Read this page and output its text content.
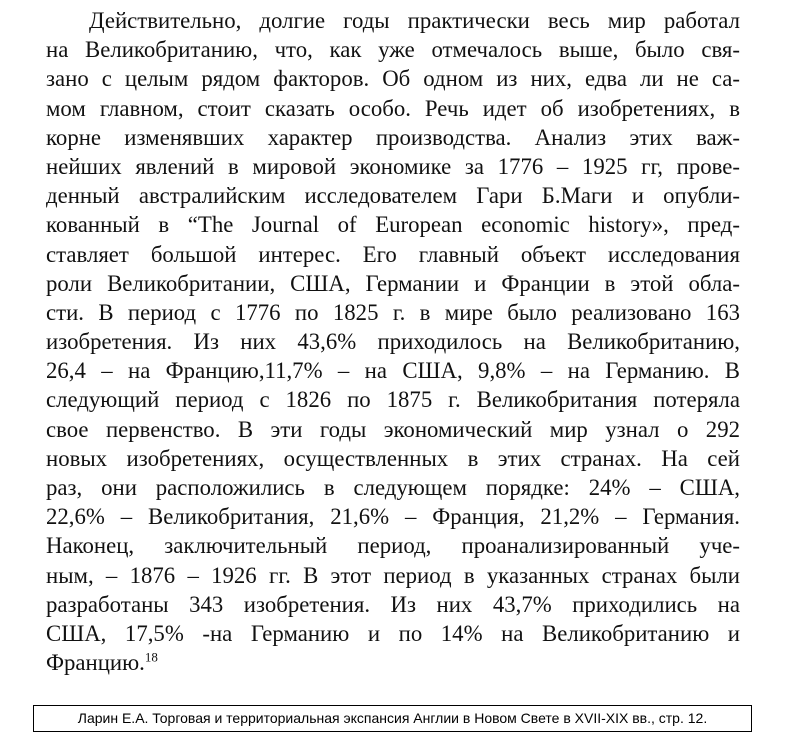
Действительно, долгие годы практически весь мир работал
на Великобританию, что, как уже отмечалось выше, было свя-
зано с целым рядом факторов. Об одном из них, едва ли не са-
мом главном, стоит сказать особо. Речь идет об изобретениях, в
корне изменявших характер производства. Анализ этих важ-
нейших явлений в мировой экономике за 1776 – 1925 гг, прове-
денный австралийским исследователем Гари Б.Маги и опубли-
кованный в “The Journal of European economic history», пред-
ставляет большой интерес. Его главный объект исследования
роли Великобритании, США, Германии и Франции в этой обла-
сти. В период с 1776 по 1825 г. в мире было реализовано 163
изобретения. Из них 43,6% приходилось на Великобританию,
26,4 – на Францию,11,7% – на США, 9,8% – на Германию. В
следующий период с 1826 по 1875 г. Великобритания потеряла
свое первенство. В эти годы экономический мир узнал о 292
новых изобретениях, осуществленных в этих странах. На сей
раз, они расположились в следующем порядке: 24% – США,
22,6% – Великобритания, 21,6% – Франция, 21,2% – Германия.
Наконец, заключительный период, проанализированный уче-
ным, – 1876 – 1926 гг. В этот период в указанных странах были
разработаны 343 изобретения. Из них 43,7% приходились на
США, 17,5% -на Германию и по 14% на Великобританию и
Францию.$^{18}$
Ларин Е.А. Торговая и территориальная экспансия Англии в Новом Свете в XVII-XIX вв., стр. 12.
